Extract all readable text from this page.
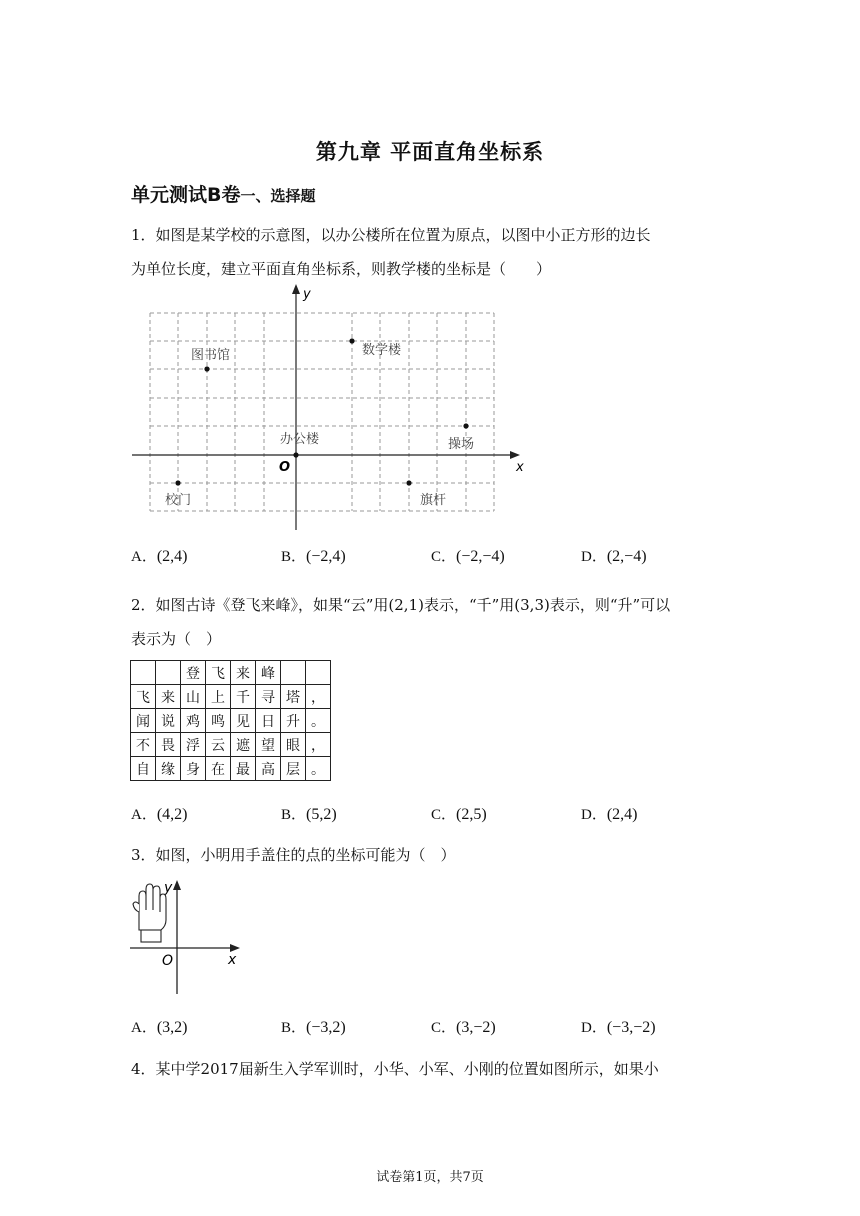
第九章 平面直角坐标系
单元测试B卷一、选择题
1．如图是某学校的示意图，以办公楼所在位置为原点，以图中小正方形的边长
为单位长度，建立平面直角坐标系，则教学楼的坐标是（　　）
x
y
O
图书馆	数学楼
办公楼	操场
校门	旗杆
A．(2,4)	B．(−2,4)	C．(−2,−4)	D．(2,−4)
2．如图古诗《登飞来峰》，如果“云”用(2,1)表示，“千”用(3,3)表示，则“升”可以
表示为（　）
		登	飞	来	峰		
飞	来	山	上	千	寻	塔	，
闻	说	鸡	鸣	见	日	升	。
不	畏	浮	云	遮	望	眼	，
自	缘	身	在	最	高	层	。
A．(4,2)	B．(5,2)	C．(2,5)	D．(2,4)
3．如图，小明用手盖住的点的坐标可能为（　）
x
y
O
A．(3,2)	B．(−3,2)	C．(3,−2)	D．(−3,−2)
4．某中学2017届新生入学军训时，小华、小军、小刚的位置如图所示，如果小
试卷第1页，共7页
